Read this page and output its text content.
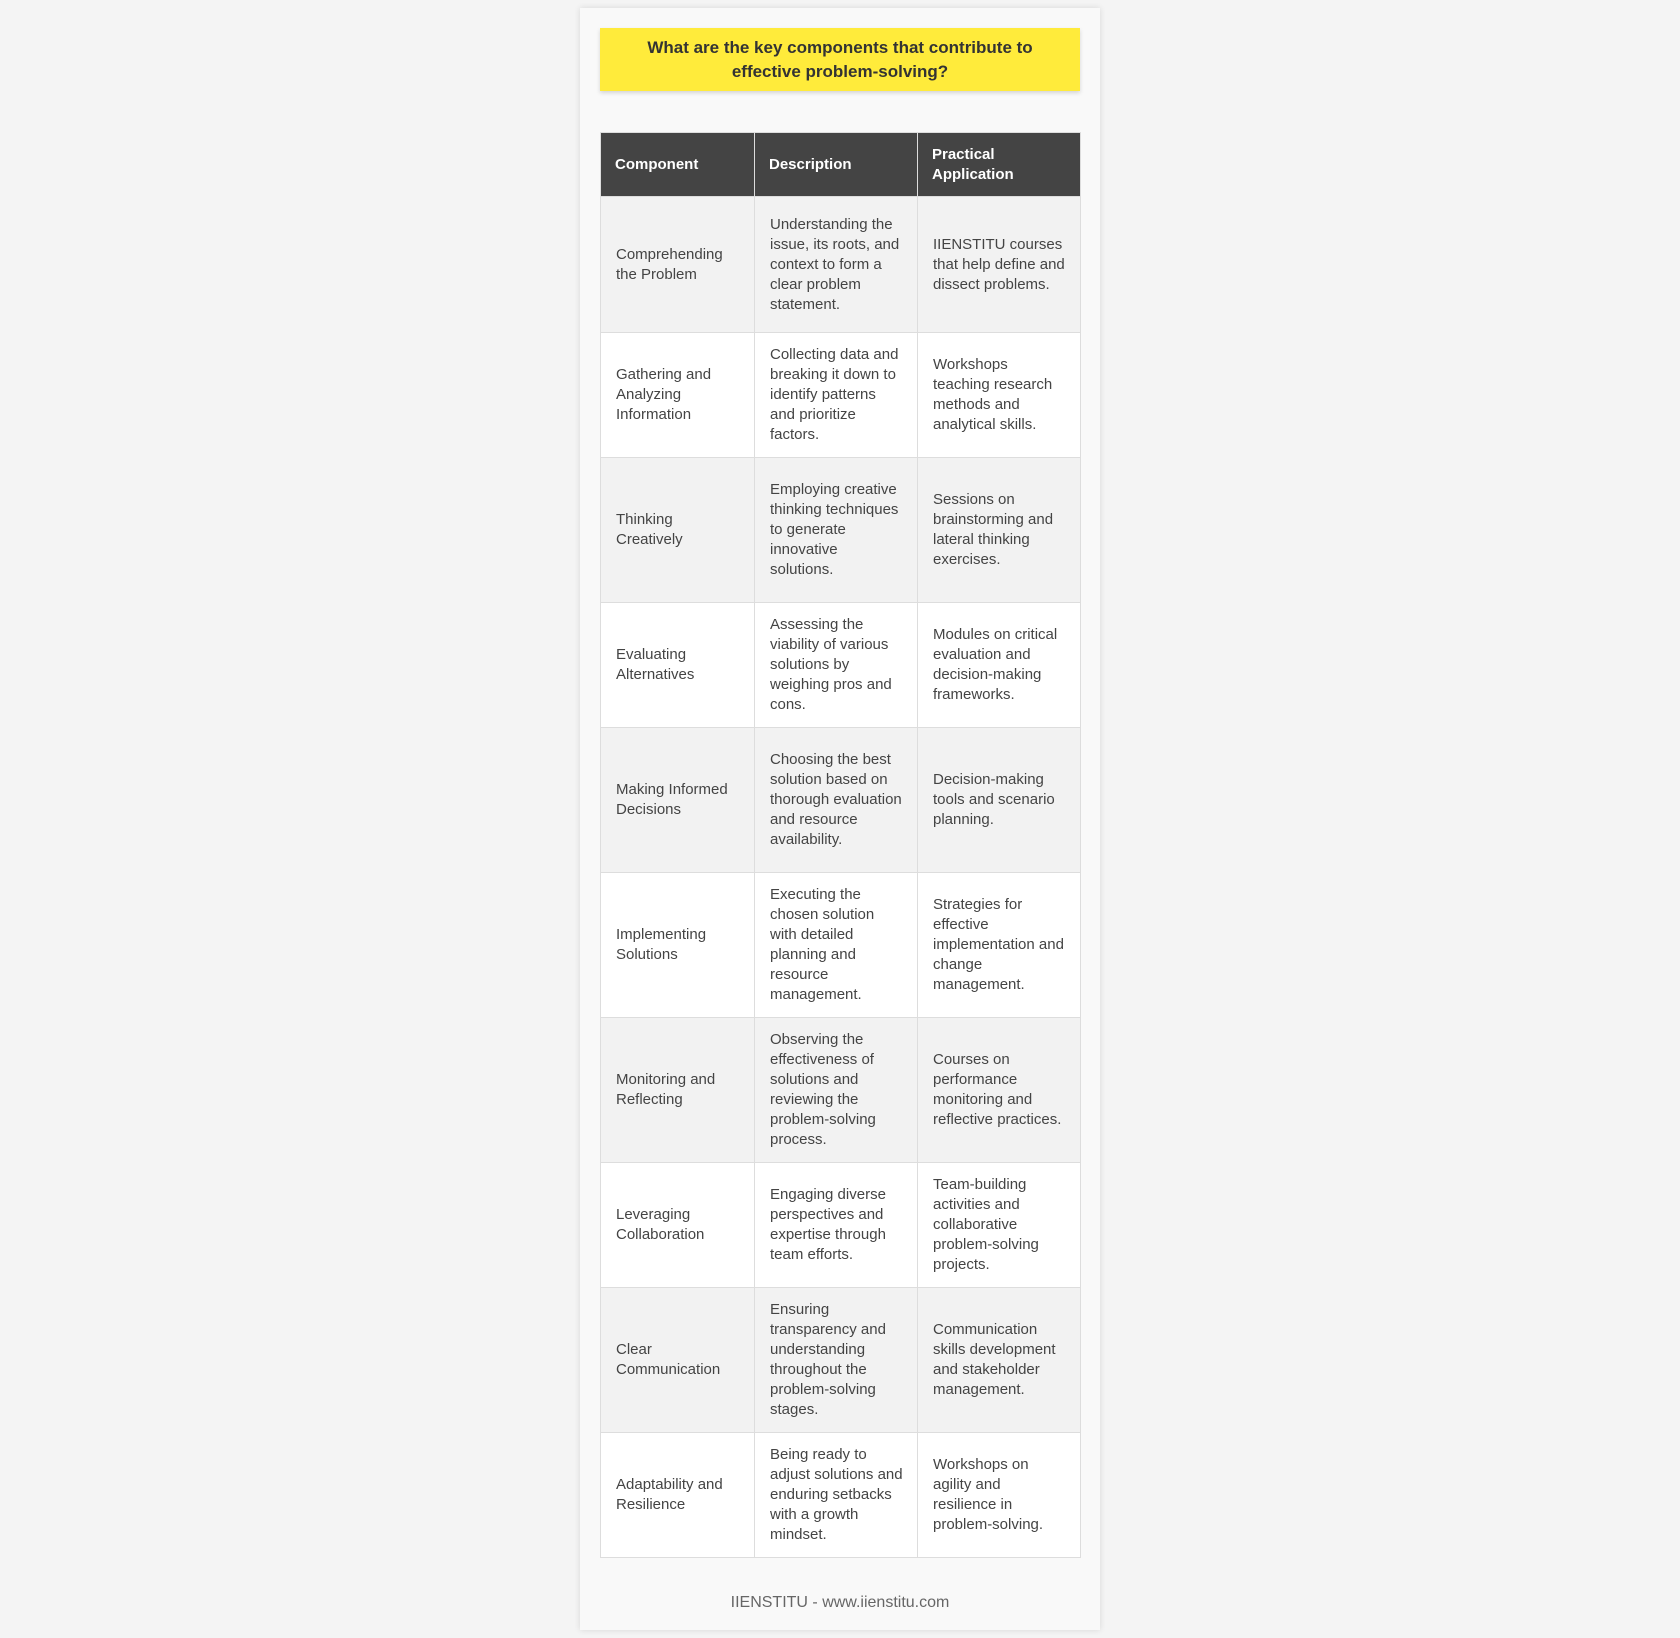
What are the key components that contribute to effective problem-solving?
Component	Description	Practical Application
Comprehending the Problem	Understanding the issue, its roots, and context to form a clear problem statement.	IIENSTITU courses that help define and dissect problems.
Gathering and Analyzing Information	Collecting data and breaking it down to identify patterns and prioritize factors.	Workshops teaching research methods and analytical skills.
Thinking Creatively	Employing creative thinking techniques to generate innovative solutions.	Sessions on brainstorming and lateral thinking exercises.
Evaluating Alternatives	Assessing the viability of various solutions by weighing pros and cons.	Modules on critical evaluation and decision-making frameworks.
Making Informed Decisions	Choosing the best solution based on thorough evaluation and resource availability.	Decision-making tools and scenario planning.
Implementing Solutions	Executing the chosen solution with detailed planning and resource management.	Strategies for effective implementation and change management.
Monitoring and Reflecting	Observing the effectiveness of solutions and reviewing the problem-solving process.	Courses on performance monitoring and reflective practices.
Leveraging Collaboration	Engaging diverse perspectives and expertise through team efforts.	Team-building activities and collaborative problem-solving projects.
Clear Communication	Ensuring transparency and understanding throughout the problem-solving stages.	Communication skills development and stakeholder management.
Adaptability and Resilience	Being ready to adjust solutions and enduring setbacks with a growth mindset.	Workshops on agility and resilience in problem-solving.
IIENSTITU - www.iienstitu.com
